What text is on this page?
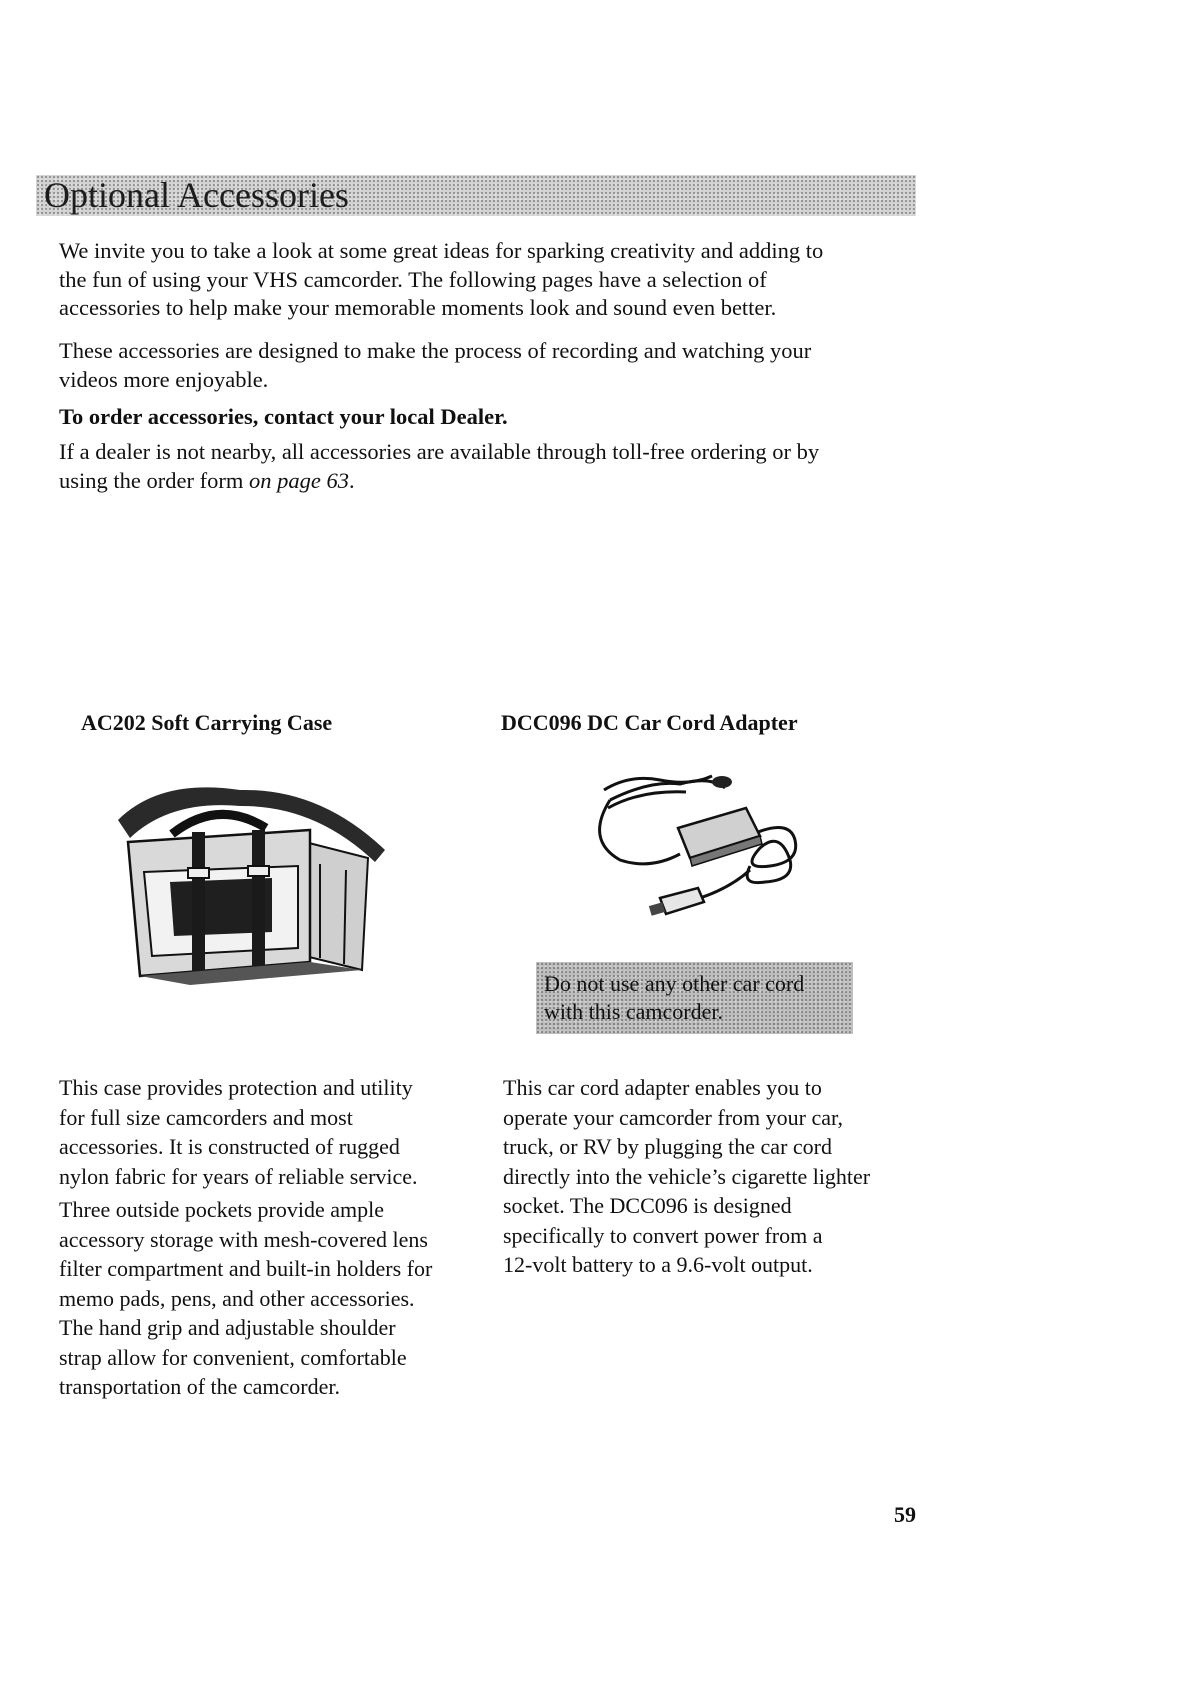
Optional Accessories

We invite you to take a look at some great ideas for sparking creativity and adding to
the fun of using your VHS camcorder. The following pages have a selection of
accessories to help make your memorable moments look and sound even better.

These accessories are designed to make the process of recording and watching your
videos more enjoyable.

To order accessories, contact your local Dealer.

If a dealer is not nearby, all accessories are available through toll-free ordering or by
using the order form on page 63.

AC202 Soft Carrying Case	DCC096 DC Car Cord Adapter

Do not use any other car cord
with this camcorder.

This case provides protection and utility
for full size camcorders and most
accessories. It is constructed of rugged
nylon fabric for years of reliable service.

Three outside pockets provide ample
accessory storage with mesh-covered lens
filter compartment and built-in holders for
memo pads, pens, and other accessories.
The hand grip and adjustable shoulder
strap allow for convenient, comfortable
transportation of the camcorder.

This car cord adapter enables you to
operate your camcorder from your car,
truck, or RV by plugging the car cord
directly into the vehicle’s cigarette lighter
socket. The DCC096 is designed
specifically to convert power from a
12-volt battery to a 9.6-volt output.

59
